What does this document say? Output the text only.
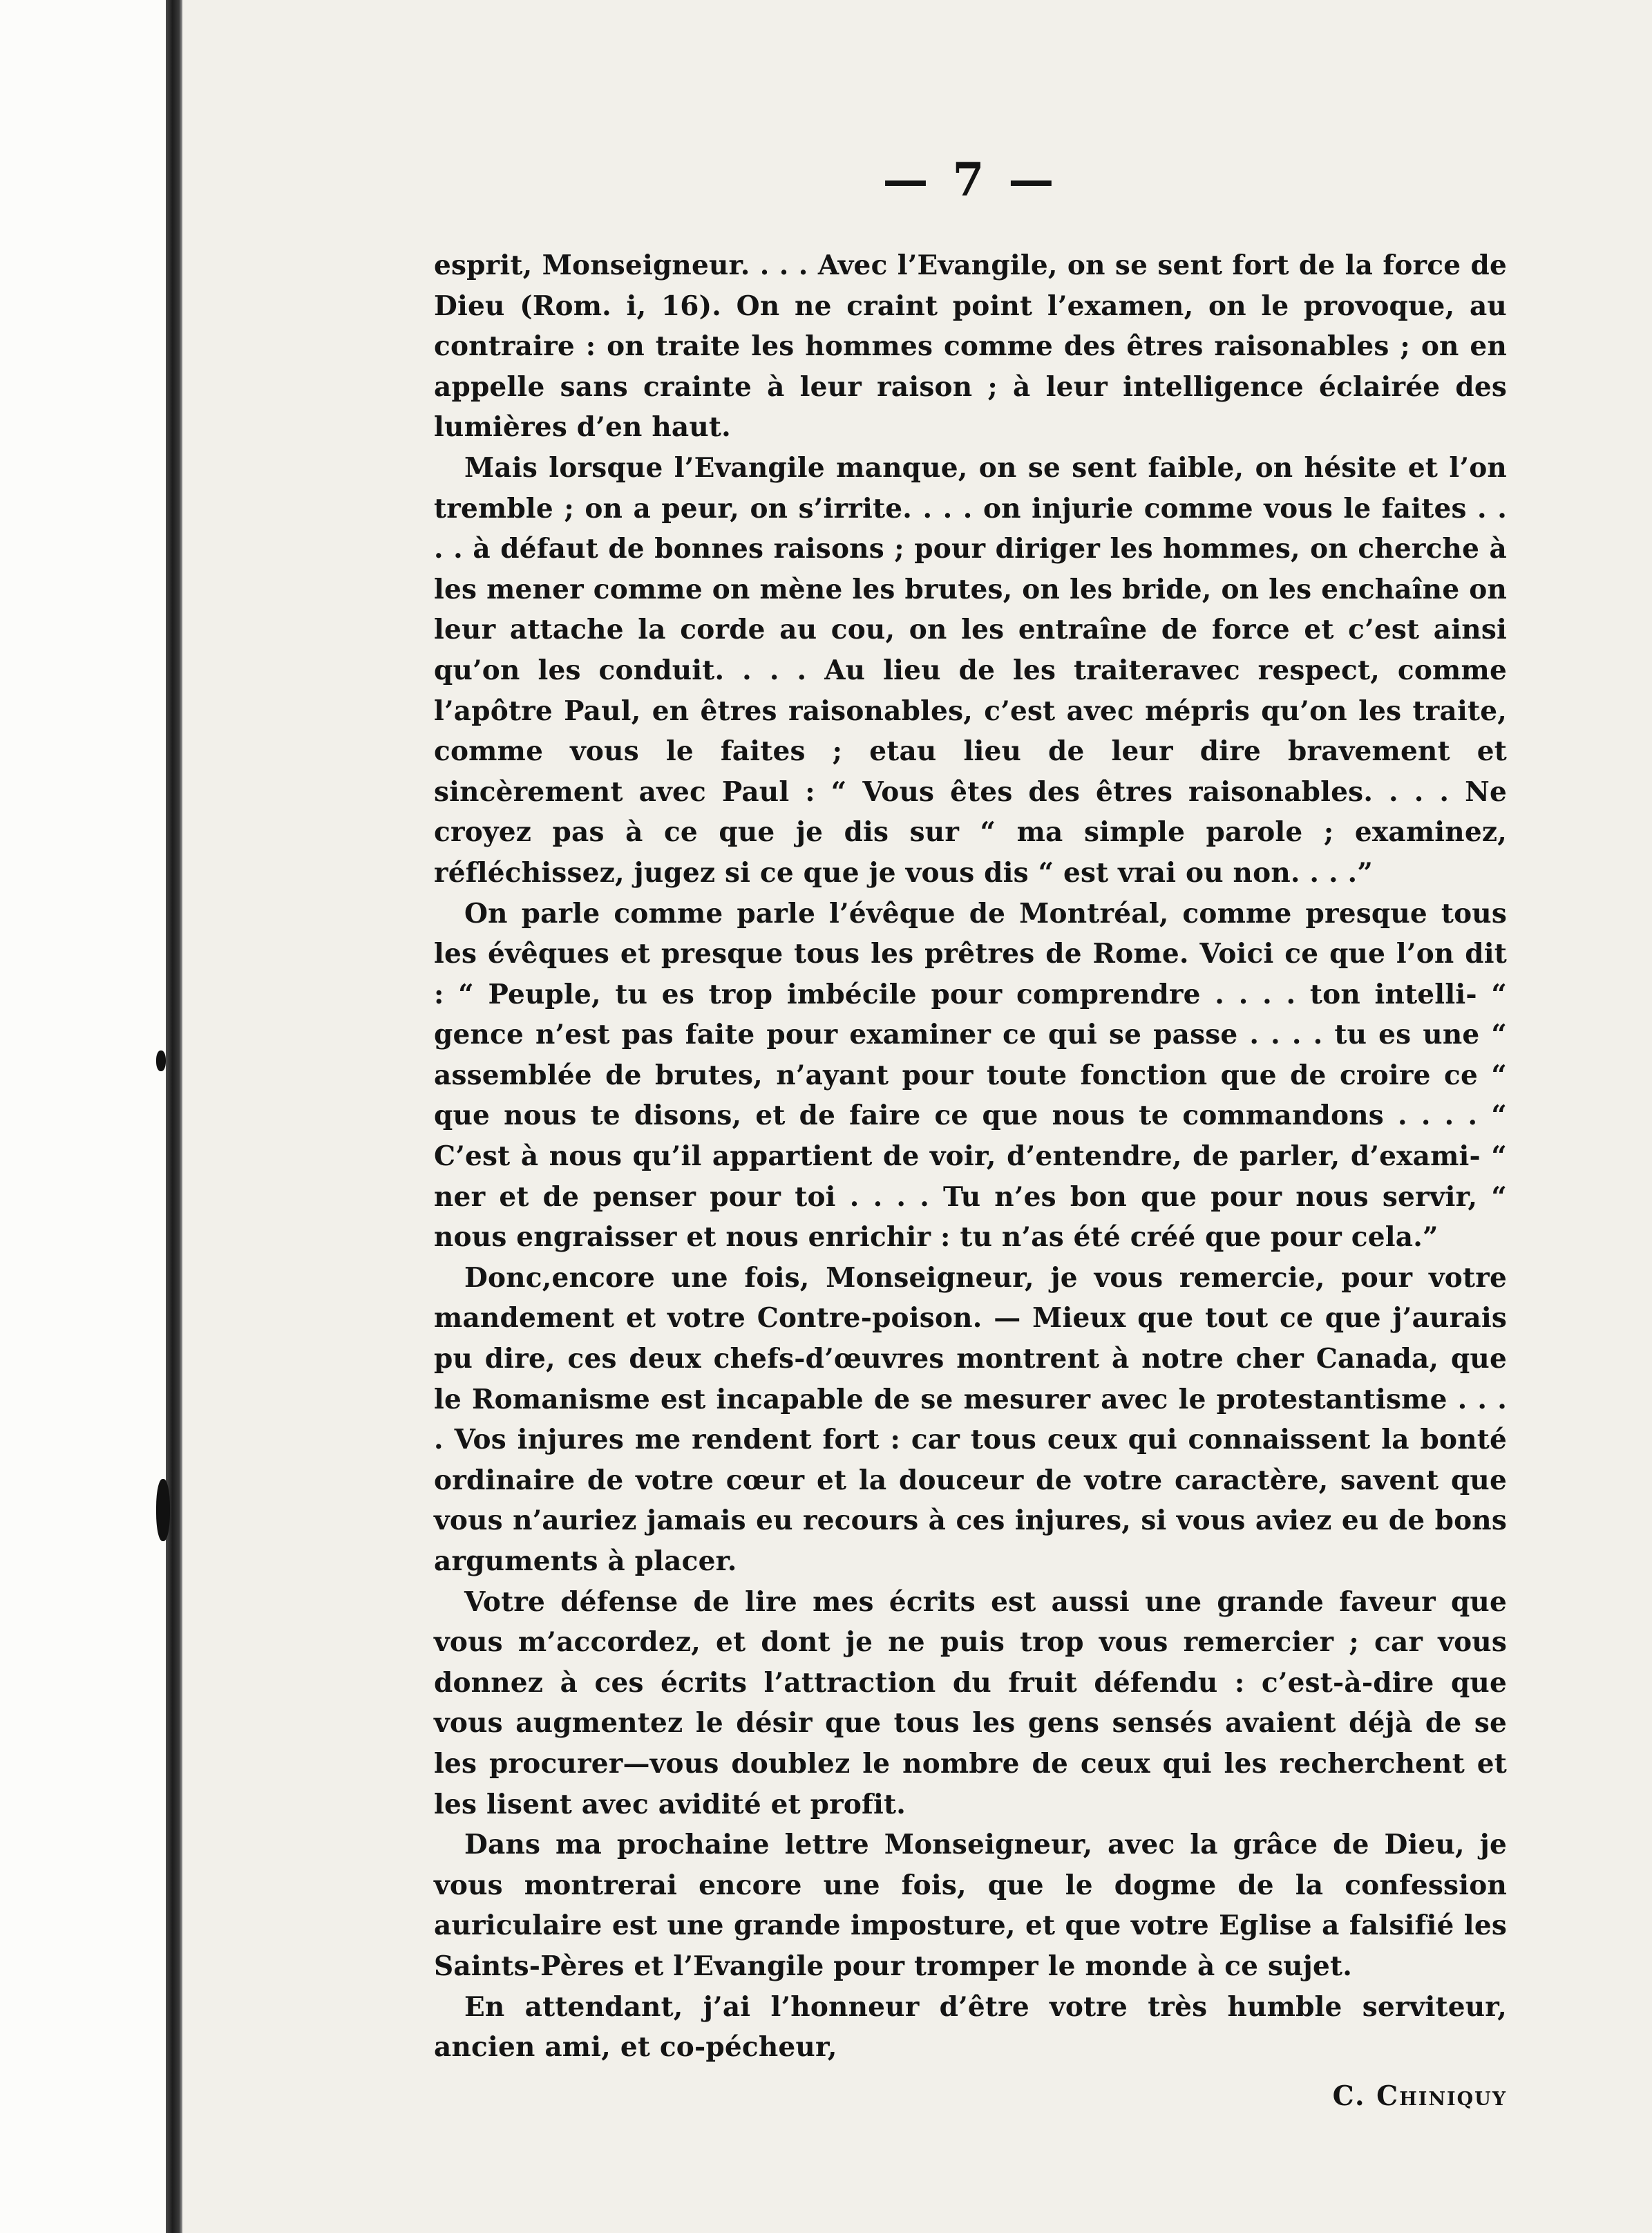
— 7 —

esprit, Monseigneur. . . . Avec l’Evangile, on se sent fort de la force de Dieu (Rom. i, 16). On ne craint point l’examen, on le provoque, au contraire : on traite les hommes comme des êtres raisonables ; on en appelle sans crainte à leur raison ; à leur intelligence éclairée des lumières d’en haut.

Mais lorsque l’Evangile manque, on se sent faible, on hésite et l’on tremble ; on a peur, on s’irrite. . . . on injurie comme vous le faites . . . . à défaut de bonnes raisons ; pour diriger les hommes, on cherche à les mener comme on mène les brutes, on les bride, on les enchaîne on leur attache la corde au cou, on les entraîne de force et c’est ainsi qu’on les conduit. . . . Au lieu de les traiteravec respect, comme l’apôtre Paul, en êtres raisonables, c’est avec mépris qu’on les traite, comme vous le faites ; etau lieu de leur dire bravement et sincèrement avec Paul : “ Vous êtes des êtres raisonables. . . . Ne croyez pas à ce que je dis sur “ ma simple parole ; examinez, réfléchissez, jugez si ce que je vous dis “ est vrai ou non. . . .”

On parle comme parle l’évêque de Montréal, comme presque tous les évêques et presque tous les prêtres de Rome. Voici ce que l’on dit : “ Peuple, tu es trop imbécile pour comprendre . . . . ton intelli- “ gence n’est pas faite pour examiner ce qui se passe . . . . tu es une “ assemblée de brutes, n’ayant pour toute fonction que de croire ce “ que nous te disons, et de faire ce que nous te commandons . . . . “ C’est à nous qu’il appartient de voir, d’entendre, de parler, d’exami- “ ner et de penser pour toi . . . . Tu n’es bon que pour nous servir, “ nous engraisser et nous enrichir : tu n’as été créé que pour cela.”

Donc,encore une fois, Monseigneur, je vous remercie, pour votre mandement et votre Contre-poison. — Mieux que tout ce que j’aurais pu dire, ces deux chefs-d’œuvres montrent à notre cher Canada, que le Romanisme est incapable de se mesurer avec le protestantisme . . . . Vos injures me rendent fort : car tous ceux qui connaissent la bonté ordinaire de votre cœur et la douceur de votre caractère, savent que vous n’auriez jamais eu recours à ces injures, si vous aviez eu de bons arguments à placer.

Votre défense de lire mes écrits est aussi une grande faveur que vous m’accordez, et dont je ne puis trop vous remercier ; car vous donnez à ces écrits l’attraction du fruit défendu : c’est-à-dire que vous augmentez le désir que tous les gens sensés avaient déjà de se les procurer—vous doublez le nombre de ceux qui les recherchent et les lisent avec avidité et profit.

Dans ma prochaine lettre Monseigneur, avec la grâce de Dieu, je vous montrerai encore une fois, que le dogme de la confession auriculaire est une grande imposture, et que votre Eglise a falsifié les Saints-Pères et l’Evangile pour tromper le monde à ce sujet.

En attendant, j’ai l’honneur d’être votre très humble serviteur, ancien ami, et co-pécheur,

C. Chiniquy
